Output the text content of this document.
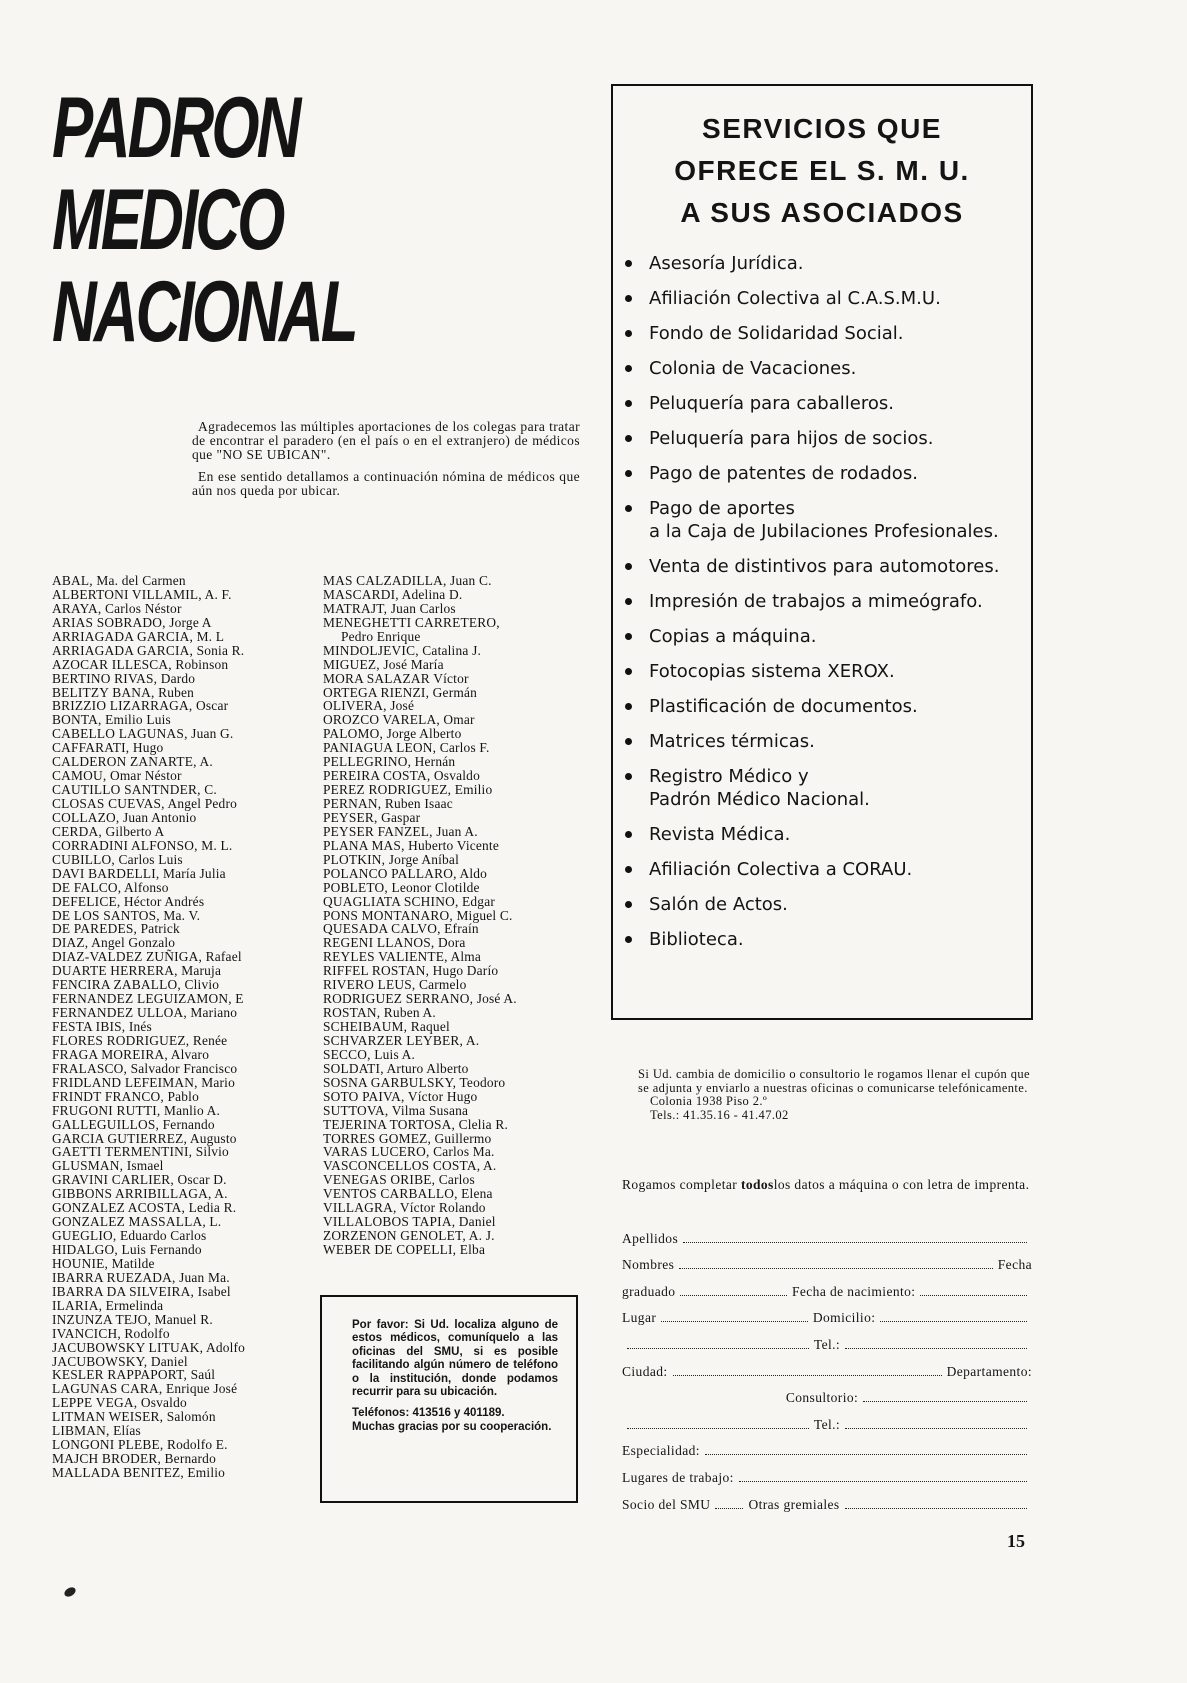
PADRON
MEDICO
NACIONAL

Agradecemos las múltiples aportaciones de los colegas para tratar de encontrar el paradero (en el país o en el extranjero) de médicos que "NO SE UBICAN".

En ese sentido detallamos a continuación nómina de médicos que aún nos queda por ubicar.

ABAL, Ma. del Carmen
ALBERTONI VILLAMIL, A. F.
ARAYA, Carlos Néstor
ARIAS SOBRADO, Jorge A
ARRIAGADA GARCIA, M. L
ARRIAGADA GARCIA, Sonia R.
AZOCAR ILLESCA, Robinson
BERTINO RIVAS, Dardo
BELITZY BANA, Ruben
BRIZZIO LIZARRAGA, Oscar
BONTA, Emilio Luis
CABELLO LAGUNAS, Juan G.
CAFFARATI, Hugo
CALDERON ZANARTE, A.
CAMOU, Omar Néstor
CAUTILLO SANTNDER, C.
CLOSAS CUEVAS, Angel Pedro
COLLAZO, Juan Antonio
CERDA, Gilberto A
CORRADINI ALFONSO, M. L.
CUBILLO, Carlos Luis
DAVI BARDELLI, María Julia
DE FALCO, Alfonso
DEFELICE, Héctor Andrés
DE LOS SANTOS, Ma. V.
DE PAREDES, Patrick
DIAZ, Angel Gonzalo
DIAZ-VALDEZ ZUÑIGA, Rafael
DUARTE HERRERA, Maruja
FENCIRA ZABALLO, Clivio
FERNANDEZ LEGUIZAMON, E
FERNANDEZ ULLOA, Mariano
FESTA IBIS, Inés
FLORES RODRIGUEZ, Renée
FRAGA MOREIRA, Alvaro
FRALASCO, Salvador Francisco
FRIDLAND LEFEIMAN, Mario
FRINDT FRANCO, Pablo
FRUGONI RUTTI, Manlio A.
GALLEGUILLOS, Fernando
GARCIA GUTIERREZ, Augusto
GAETTI TERMENTINI, Silvio
GLUSMAN, Ismael
GRAVINI CARLIER, Oscar D.
GIBBONS ARRIBILLAGA, A.
GONZALEZ ACOSTA, Ledia R.
GONZALEZ MASSALLA, L.
GUEGLIO, Eduardo Carlos
HIDALGO, Luis Fernando
HOUNIE, Matilde
IBARRA RUEZADA, Juan Ma.
IBARRA DA SILVEIRA, Isabel
ILARIA, Ermelinda
INZUNZA TEJO, Manuel R.
IVANCICH, Rodolfo
JACUBOWSKY LITUAK, Adolfo
JACUBOWSKY, Daniel
KESLER RAPPAPORT, Saúl
LAGUNAS CARA, Enrique José
LEPPE VEGA, Osvaldo
LITMAN WEISER, Salomón
LIBMAN, Elías
LONGONI PLEBE, Rodolfo E.
MAJCH BRODER, Bernardo
MALLADA BENITEZ, Emilio
MAS CALZADILLA, Juan C.
MASCARDI, Adelina D.
MATRAJT, Juan Carlos
MENEGHETTI CARRETERO,
Pedro Enrique
MINDOLJEVIC, Catalina J.
MIGUEZ, José María
MORA SALAZAR Víctor
ORTEGA RIENZI, Germán
OLIVERA, José
OROZCO VARELA, Omar
PALOMO, Jorge Alberto
PANIAGUA LEON, Carlos F.
PELLEGRINO, Hernán
PEREIRA COSTA, Osvaldo
PEREZ RODRIGUEZ, Emilio
PERNAN, Ruben Isaac
PEYSER, Gaspar
PEYSER FANZEL, Juan A.
PLANA MAS, Huberto Vicente
PLOTKIN, Jorge Aníbal
POLANCO PALLARO, Aldo
POBLETO, Leonor Clotilde
QUAGLIATA SCHINO, Edgar
PONS MONTANARO, Miguel C.
QUESADA CALVO, Efraín
REGENI LLANOS, Dora
REYLES VALIENTE, Alma
RIFFEL ROSTAN, Hugo Darío
RIVERO LEUS, Carmelo
RODRIGUEZ SERRANO, José A.
ROSTAN, Ruben A.
SCHEIBAUM, Raquel
SCHVARZER LEYBER, A.
SECCO, Luis A.
SOLDATI, Arturo Alberto
SOSNA GARBULSKY, Teodoro
SOTO PAIVA, Víctor Hugo
SUTTOVA, Vilma Susana
TEJERINA TORTOSA, Clelia R.
TORRES GOMEZ, Guillermo
VARAS LUCERO, Carlos Ma.
VASCONCELLOS COSTA, A.
VENEGAS ORIBE, Carlos
VENTOS CARBALLO, Elena
VILLAGRA, Víctor Rolando
VILLALOBOS TAPIA, Daniel
ZORZENON GENOLET, A. J.
WEBER DE COPELLI, Elba

Por favor: Si Ud. localiza alguno de estos médicos, comuníquelo a las oficinas del SMU, si es posible facilitando algún número de teléfono o la institución, donde podamos recurrir para su ubicación.

Teléfonos: 413516 y 401189.

Muchas gracias por su cooperación.

SERVICIOS QUE
OFRECE EL S. M. U.
A SUS ASOCIADOS
Asesoría Jurídica.
Afiliación Colectiva al C.A.S.M.U.
Fondo de Solidaridad Social.
Colonia de Vacaciones.
Peluquería para caballeros.
Peluquería para hijos de socios.
Pago de patentes de rodados.
Pago de aportes
a la Caja de Jubilaciones Profesionales.
Venta de distintivos para automotores.
Impresión de trabajos a mimeógrafo.
Copias a máquina.
Fotocopias sistema XEROX.
Plastificación de documentos.
Matrices térmicas.
Registro Médico y
Padrón Médico Nacional.
Revista Médica.
Afiliación Colectiva a CORAU.
Salón de Actos.
Biblioteca.

Si Ud. cambia de domicilio o consultorio le rogamos llenar el cupón que se adjunta y enviarlo a nuestras oficinas o comunicarse telefónicamente.

Colonia 1938 Piso 2.º

Tels.: 41.35.16 - 41.47.02

Rogamos completar todoslos datos a máquina o con letra de imprenta.
Apellidos
Nombres	Fecha
graduado	Fecha de nacimiento:
Lugar	Domicilio:
Tel.:
Ciudad:	Departamento:
Consultorio:
Tel.:
Especialidad:
Lugares de trabajo:
Socio del SMU	Otras gremiales
15
